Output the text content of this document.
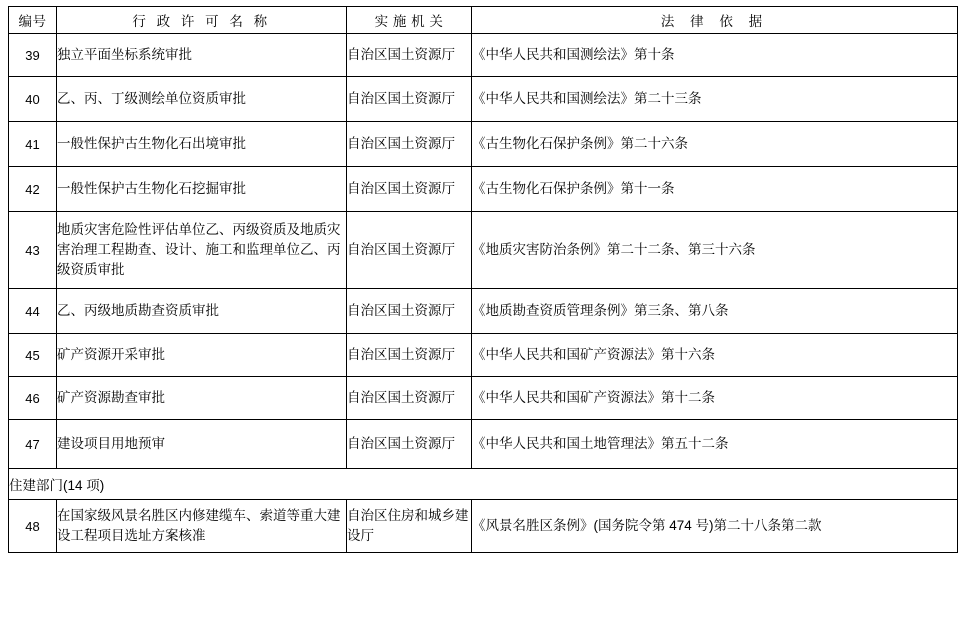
编号	行 政 许 可 名 称	实 施 机 关	法 律 依 据
39	独立平面坐标系统审批	自治区国土资源厅	《中华人民共和国测绘法》第十条
40	乙、丙、丁级测绘单位资质审批	自治区国土资源厅	《中华人民共和国测绘法》第二十三条
41	一般性保护古生物化石出境审批	自治区国土资源厅	《古生物化石保护条例》第二十六条
42	一般性保护古生物化石挖掘审批	自治区国土资源厅	《古生物化石保护条例》第十一条
43	地质灾害危险性评估单位乙、丙级资质及地质灾害治理工程勘查、设计、施工和监理单位乙、丙级资质审批	自治区国土资源厅	《地质灾害防治条例》第二十二条、第三十六条
44	乙、丙级地质勘查资质审批	自治区国土资源厅	《地质勘查资质管理条例》第三条、第八条
45	矿产资源开采审批	自治区国土资源厅	《中华人民共和国矿产资源法》第十六条
46	矿产资源勘查审批	自治区国土资源厅	《中华人民共和国矿产资源法》第十二条
47	建设项目用地预审	自治区国土资源厅	《中华人民共和国土地管理法》第五十二条
住建部门(14 项)			
48	在国家级风景名胜区内修建缆车、索道等重大建设工程项目选址方案核准	自治区住房和城乡建设厅	《风景名胜区条例》(国务院令第 474 号)第二十八条第二款
